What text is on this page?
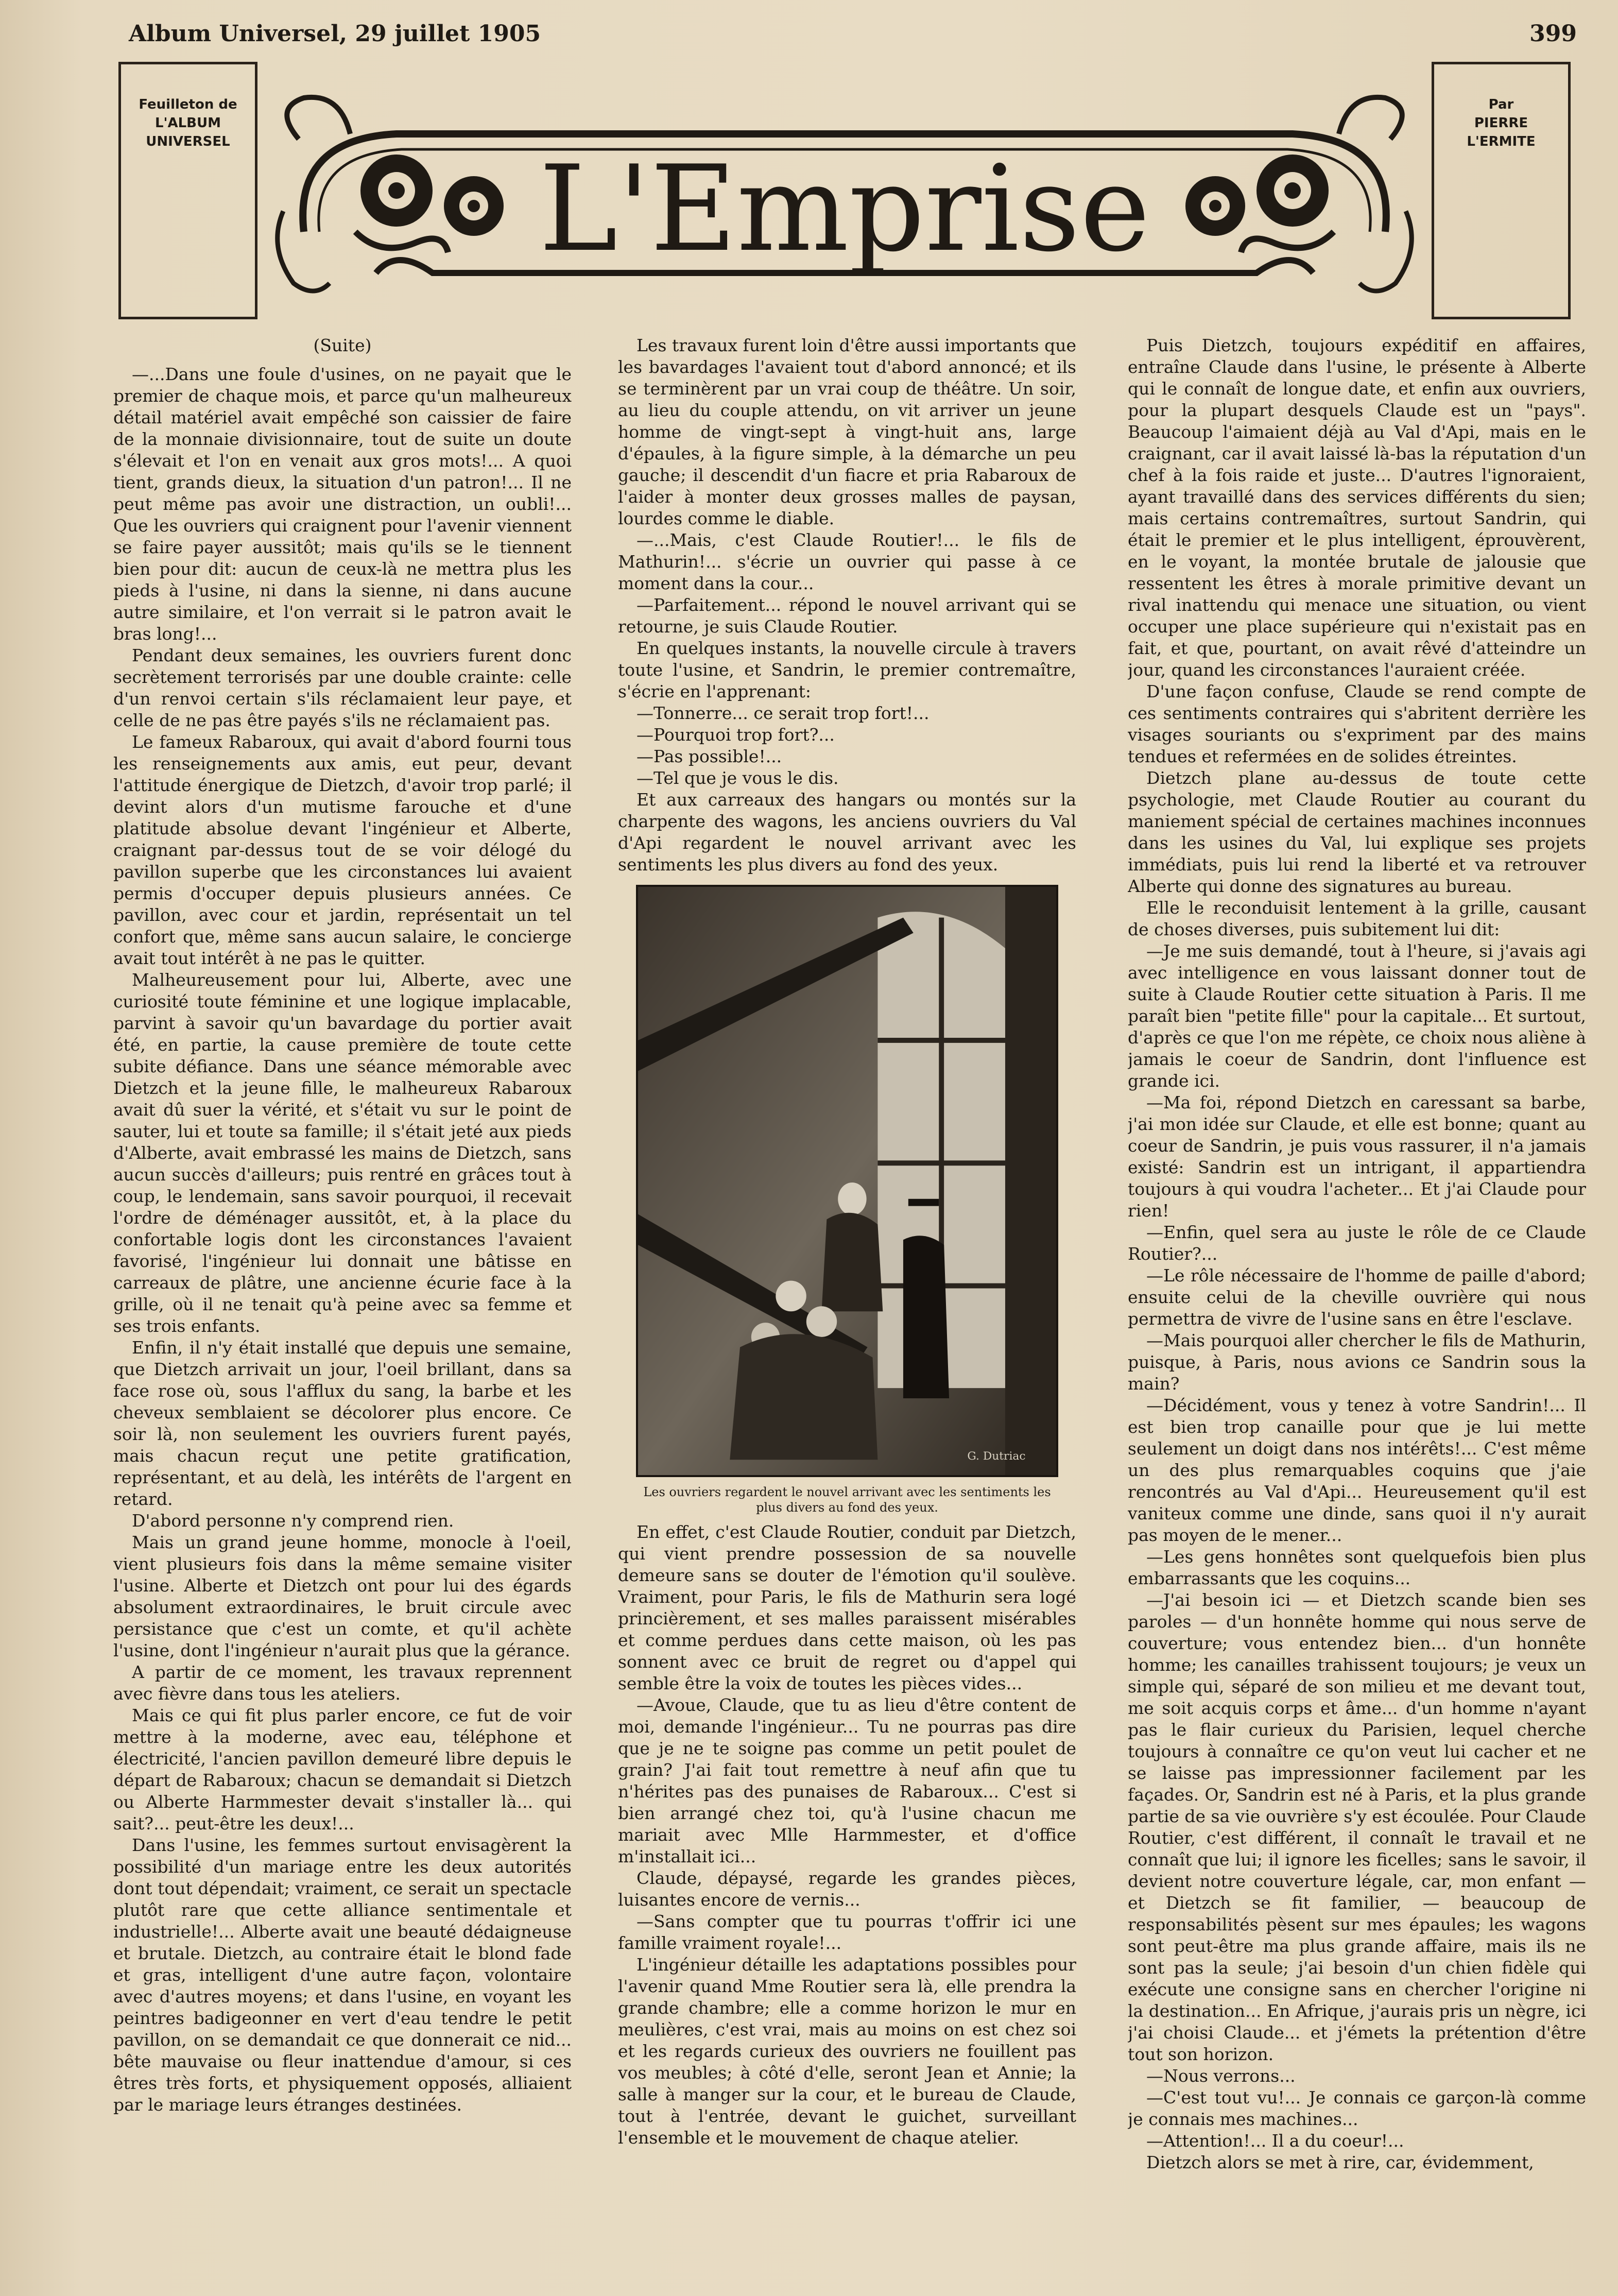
Album Universel, 29 juillet 1905	399
Feuilleton de
L'ALBUM
UNIVERSEL	L'Emprise
Par
PIERRE
L'ERMITE

(Suite)

—...Dans une foule d'usines, on ne payait que le premier de chaque mois, et parce qu'un malheureux détail matériel avait empêché son caissier de faire de la monnaie divisionnaire, tout de suite un doute s'élevait et l'on en venait aux gros mots!... A quoi tient, grands dieux, la situation d'un patron!... Il ne peut même pas avoir une distraction, un oubli!... Que les ouvriers qui craignent pour l'avenir viennent se faire payer aussitôt; mais qu'ils se le tiennent bien pour dit: aucun de ceux-là ne mettra plus les pieds à l'usine, ni dans la sienne, ni dans aucune autre similaire, et l'on verrait si le patron avait le bras long!...

Pendant deux semaines, les ouvriers furent donc secrètement terrorisés par une double crainte: celle d'un renvoi certain s'ils réclamaient leur paye, et celle de ne pas être payés s'ils ne réclamaient pas.

Le fameux Rabaroux, qui avait d'abord fourni tous les renseignements aux amis, eut peur, devant l'attitude énergique de Dietzch, d'avoir trop parlé; il devint alors d'un mutisme farouche et d'une platitude absolue devant l'ingénieur et Alberte, craignant par-dessus tout de se voir délogé du pavillon superbe que les circonstances lui avaient permis d'occuper depuis plusieurs années. Ce pavillon, avec cour et jardin, représentait un tel confort que, même sans aucun salaire, le concierge avait tout intérêt à ne pas le quitter.

Malheureusement pour lui, Alberte, avec une curiosité toute féminine et une logique implacable, parvint à savoir qu'un bavardage du portier avait été, en partie, la cause première de toute cette subite défiance. Dans une séance mémorable avec Dietzch et la jeune fille, le malheureux Rabaroux avait dû suer la vérité, et s'était vu sur le point de sauter, lui et toute sa famille; il s'était jeté aux pieds d'Alberte, avait embrassé les mains de Dietzch, sans aucun succès d'ailleurs; puis rentré en grâces tout à coup, le lendemain, sans savoir pourquoi, il recevait l'ordre de déménager aussitôt, et, à la place du confortable logis dont les circonstances l'avaient favorisé, l'ingénieur lui donnait une bâtisse en carreaux de plâtre, une ancienne écurie face à la grille, où il ne tenait qu'à peine avec sa femme et ses trois enfants.

Enfin, il n'y était installé que depuis une semaine, que Dietzch arrivait un jour, l'oeil brillant, dans sa face rose où, sous l'afflux du sang, la barbe et les cheveux semblaient se décolorer plus encore. Ce soir là, non seulement les ouvriers furent payés, mais chacun reçut une petite gratification, représentant, et au delà, les intérêts de l'argent en retard.

D'abord personne n'y comprend rien.

Mais un grand jeune homme, monocle à l'oeil, vient plusieurs fois dans la même semaine visiter l'usine. Alberte et Dietzch ont pour lui des égards absolument extraordinaires, le bruit circule avec persistance que c'est un comte, et qu'il achète l'usine, dont l'ingénieur n'aurait plus que la gérance.

A partir de ce moment, les travaux reprennent avec fièvre dans tous les ateliers.

Mais ce qui fit plus parler encore, ce fut de voir mettre à la moderne, avec eau, téléphone et électricité, l'ancien pavillon demeuré libre depuis le départ de Rabaroux; chacun se demandait si Dietzch ou Alberte Harmmester devait s'installer là... qui sait?... peut-être les deux!...

Dans l'usine, les femmes surtout envisagèrent la possibilité d'un mariage entre les deux autorités dont tout dépendait; vraiment, ce serait un spectacle plutôt rare que cette alliance sentimentale et industrielle!... Alberte avait une beauté dédaigneuse et brutale. Dietzch, au contraire était le blond fade et gras, intelligent d'une autre façon, volontaire avec d'autres moyens; et dans l'usine, en voyant les peintres badigeonner en vert d'eau tendre le petit pavillon, on se demandait ce que donnerait ce nid... bête mauvaise ou fleur inattendue d'amour, si ces êtres très forts, et physiquement opposés, alliaient par le mariage leurs étranges destinées.

Les travaux furent loin d'être aussi importants que les bavardages l'avaient tout d'abord annoncé; et ils se terminèrent par un vrai coup de théâtre. Un soir, au lieu du couple attendu, on vit arriver un jeune homme de vingt-sept à vingt-huit ans, large d'épaules, à la figure simple, à la démarche un peu gauche; il descendit d'un fiacre et pria Rabaroux de l'aider à monter deux grosses malles de paysan, lourdes comme le diable.

—...Mais, c'est Claude Routier!... le fils de Mathurin!... s'écrie un ouvrier qui passe à ce moment dans la cour...

—Parfaitement... répond le nouvel arrivant qui se retourne, je suis Claude Routier.

En quelques instants, la nouvelle circule à travers toute l'usine, et Sandrin, le premier contremaître, s'écrie en l'apprenant:

—Tonnerre... ce serait trop fort!...

—Pourquoi trop fort?...

—Pas possible!...

—Tel que je vous le dis.

Et aux carreaux des hangars ou montés sur la charpente des wagons, les anciens ouvriers du Val d'Api regardent le nouvel arrivant avec les sentiments les plus divers au fond des yeux.

G. Dutriac
Les ouvriers regardent le nouvel arrivant avec les sentiments les plus divers au fond des yeux.

En effet, c'est Claude Routier, conduit par Dietzch, qui vient prendre possession de sa nouvelle demeure sans se douter de l'émotion qu'il soulève. Vraiment, pour Paris, le fils de Mathurin sera logé princièrement, et ses malles paraissent misérables et comme perdues dans cette maison, où les pas sonnent avec ce bruit de regret ou d'appel qui semble être la voix de toutes les pièces vides...

—Avoue, Claude, que tu as lieu d'être content de moi, demande l'ingénieur... Tu ne pourras pas dire que je ne te soigne pas comme un petit poulet de grain? J'ai fait tout remettre à neuf afin que tu n'hérites pas des punaises de Rabaroux... C'est si bien arrangé chez toi, qu'à l'usine chacun me mariait avec Mlle Harmmester, et d'office m'installait ici...

Claude, dépaysé, regarde les grandes pièces, luisantes encore de vernis...

—Sans compter que tu pourras t'offrir ici une famille vraiment royale!...

L'ingénieur détaille les adaptations possibles pour l'avenir quand Mme Routier sera là, elle prendra la grande chambre; elle a comme horizon le mur en meulières, c'est vrai, mais au moins on est chez soi et les regards curieux des ouvriers ne fouillent pas vos meubles; à côté d'elle, seront Jean et Annie; la salle à manger sur la cour, et le bureau de Claude, tout à l'entrée, devant le guichet, surveillant l'ensemble et le mouvement de chaque atelier.

Puis Dietzch, toujours expéditif en affaires, entraîne Claude dans l'usine, le présente à Alberte qui le connaît de longue date, et enfin aux ouvriers, pour la plupart desquels Claude est un "pays". Beaucoup l'aimaient déjà au Val d'Api, mais en le craignant, car il avait laissé là-bas la réputation d'un chef à la fois raide et juste... D'autres l'ignoraient, ayant travaillé dans des services différents du sien; mais certains contremaîtres, surtout Sandrin, qui était le premier et le plus intelligent, éprouvèrent, en le voyant, la montée brutale de jalousie que ressentent les êtres à morale primitive devant un rival inattendu qui menace une situation, ou vient occuper une place supérieure qui n'existait pas en fait, et que, pourtant, on avait rêvé d'atteindre un jour, quand les circonstances l'auraient créée.

D'une façon confuse, Claude se rend compte de ces sentiments contraires qui s'abritent derrière les visages souriants ou s'expriment par des mains tendues et refermées en de solides étreintes.

Dietzch plane au-dessus de toute cette psychologie, met Claude Routier au courant du maniement spécial de certaines machines inconnues dans les usines du Val, lui explique ses projets immédiats, puis lui rend la liberté et va retrouver Alberte qui donne des signatures au bureau.

Elle le reconduisit lentement à la grille, causant de choses diverses, puis subitement lui dit:

—Je me suis demandé, tout à l'heure, si j'avais agi avec intelligence en vous laissant donner tout de suite à Claude Routier cette situation à Paris. Il me paraît bien "petite fille" pour la capitale... Et surtout, d'après ce que l'on me répète, ce choix nous aliène à jamais le coeur de Sandrin, dont l'influence est grande ici.

—Ma foi, répond Dietzch en caressant sa barbe, j'ai mon idée sur Claude, et elle est bonne; quant au coeur de Sandrin, je puis vous rassurer, il n'a jamais existé: Sandrin est un intrigant, il appartiendra toujours à qui voudra l'acheter... Et j'ai Claude pour rien!

—Enfin, quel sera au juste le rôle de ce Claude Routier?...

—Le rôle nécessaire de l'homme de paille d'abord; ensuite celui de la cheville ouvrière qui nous permettra de vivre de l'usine sans en être l'esclave.

—Mais pourquoi aller chercher le fils de Mathurin, puisque, à Paris, nous avions ce Sandrin sous la main?

—Décidément, vous y tenez à votre Sandrin!... Il est bien trop canaille pour que je lui mette seulement un doigt dans nos intérêts!... C'est même un des plus remarquables coquins que j'aie rencontrés au Val d'Api... Heureusement qu'il est vaniteux comme une dinde, sans quoi il n'y aurait pas moyen de le mener...

—Les gens honnêtes sont quelquefois bien plus embarrassants que les coquins...

—J'ai besoin ici — et Dietzch scande bien ses paroles — d'un honnête homme qui nous serve de couverture; vous entendez bien... d'un honnête homme; les canailles trahissent toujours; je veux un simple qui, séparé de son milieu et me devant tout, me soit acquis corps et âme... d'un homme n'ayant pas le flair curieux du Parisien, lequel cherche toujours à connaître ce qu'on veut lui cacher et ne se laisse pas impressionner facilement par les façades. Or, Sandrin est né à Paris, et la plus grande partie de sa vie ouvrière s'y est écoulée. Pour Claude Routier, c'est différent, il connaît le travail et ne connaît que lui; il ignore les ficelles; sans le savoir, il devient notre couverture légale, car, mon enfant — et Dietzch se fit familier, — beaucoup de responsabilités pèsent sur mes épaules; les wagons sont peut-être ma plus grande affaire, mais ils ne sont pas la seule; j'ai besoin d'un chien fidèle qui exécute une consigne sans en chercher l'origine ni la destination... En Afrique, j'aurais pris un nègre, ici j'ai choisi Claude... et j'émets la prétention d'être tout son horizon.

—Nous verrons...

—C'est tout vu!... Je connais ce garçon-là comme je connais mes machines...

—Attention!... Il a du coeur!...

Dietzch alors se met à rire, car, évidemment,
